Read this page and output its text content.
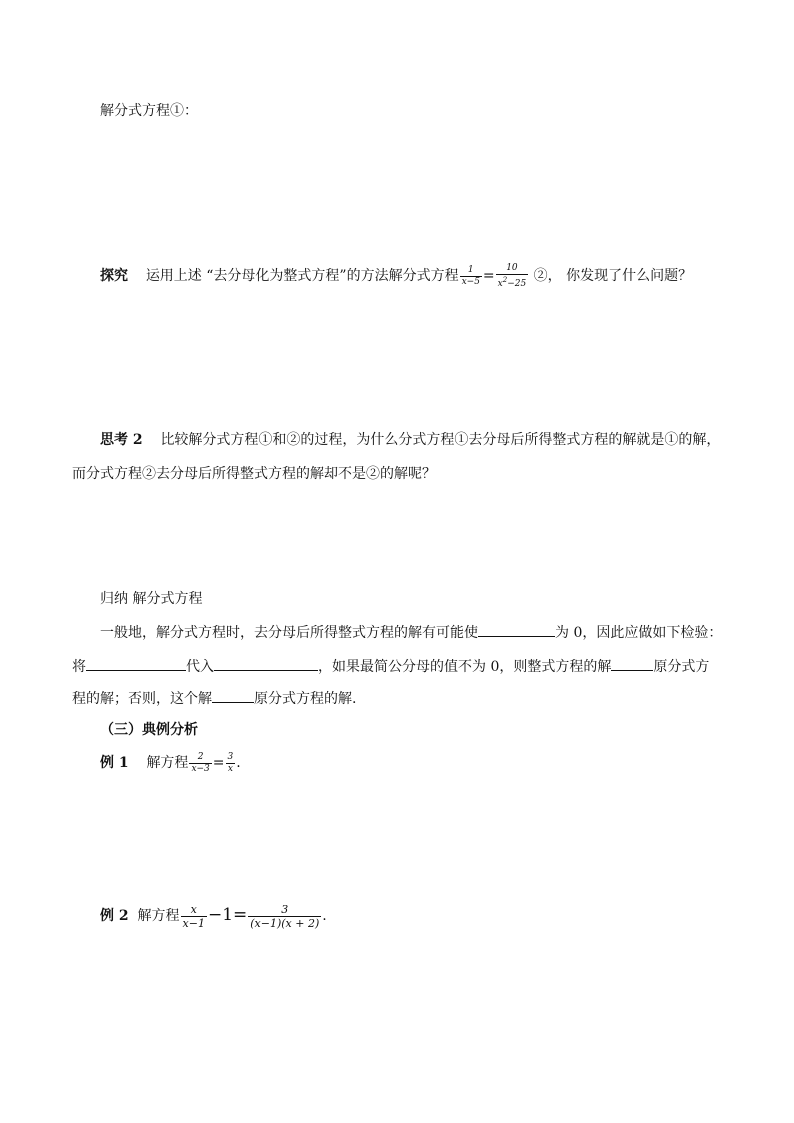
解分式方程①：
探究 运用上述 “去分母化为整式方程”的方法解分式方程 $\frac{1}{x-5} = \frac{10}{x^2-25}$ ②， 你发现了什么问题？
思考 2 比较解分式方程①和②的过程，为什么分式方程①去分母后所得整式方程的解就是①的解，
而分式方程②去分母后所得整式方程的解却不是②的解呢？
归纳 解分式方程
一般地，解分式方程时，去分母后所得整式方程的解有可能使	为 0，因此应做如下检验：
将	代入	，如果最简公分母的值不为 0，则整式方程的解	原分式方
程的解；否则，这个解	原分式方程的解.
（三）典例分析
例 1 解方程 $\frac{2}{x-3} = \frac{3}{x}$ .
例 2 解方程 $\frac{x}{x-1} -1= \frac{3}{(x-1)(x + 2)}$ .
